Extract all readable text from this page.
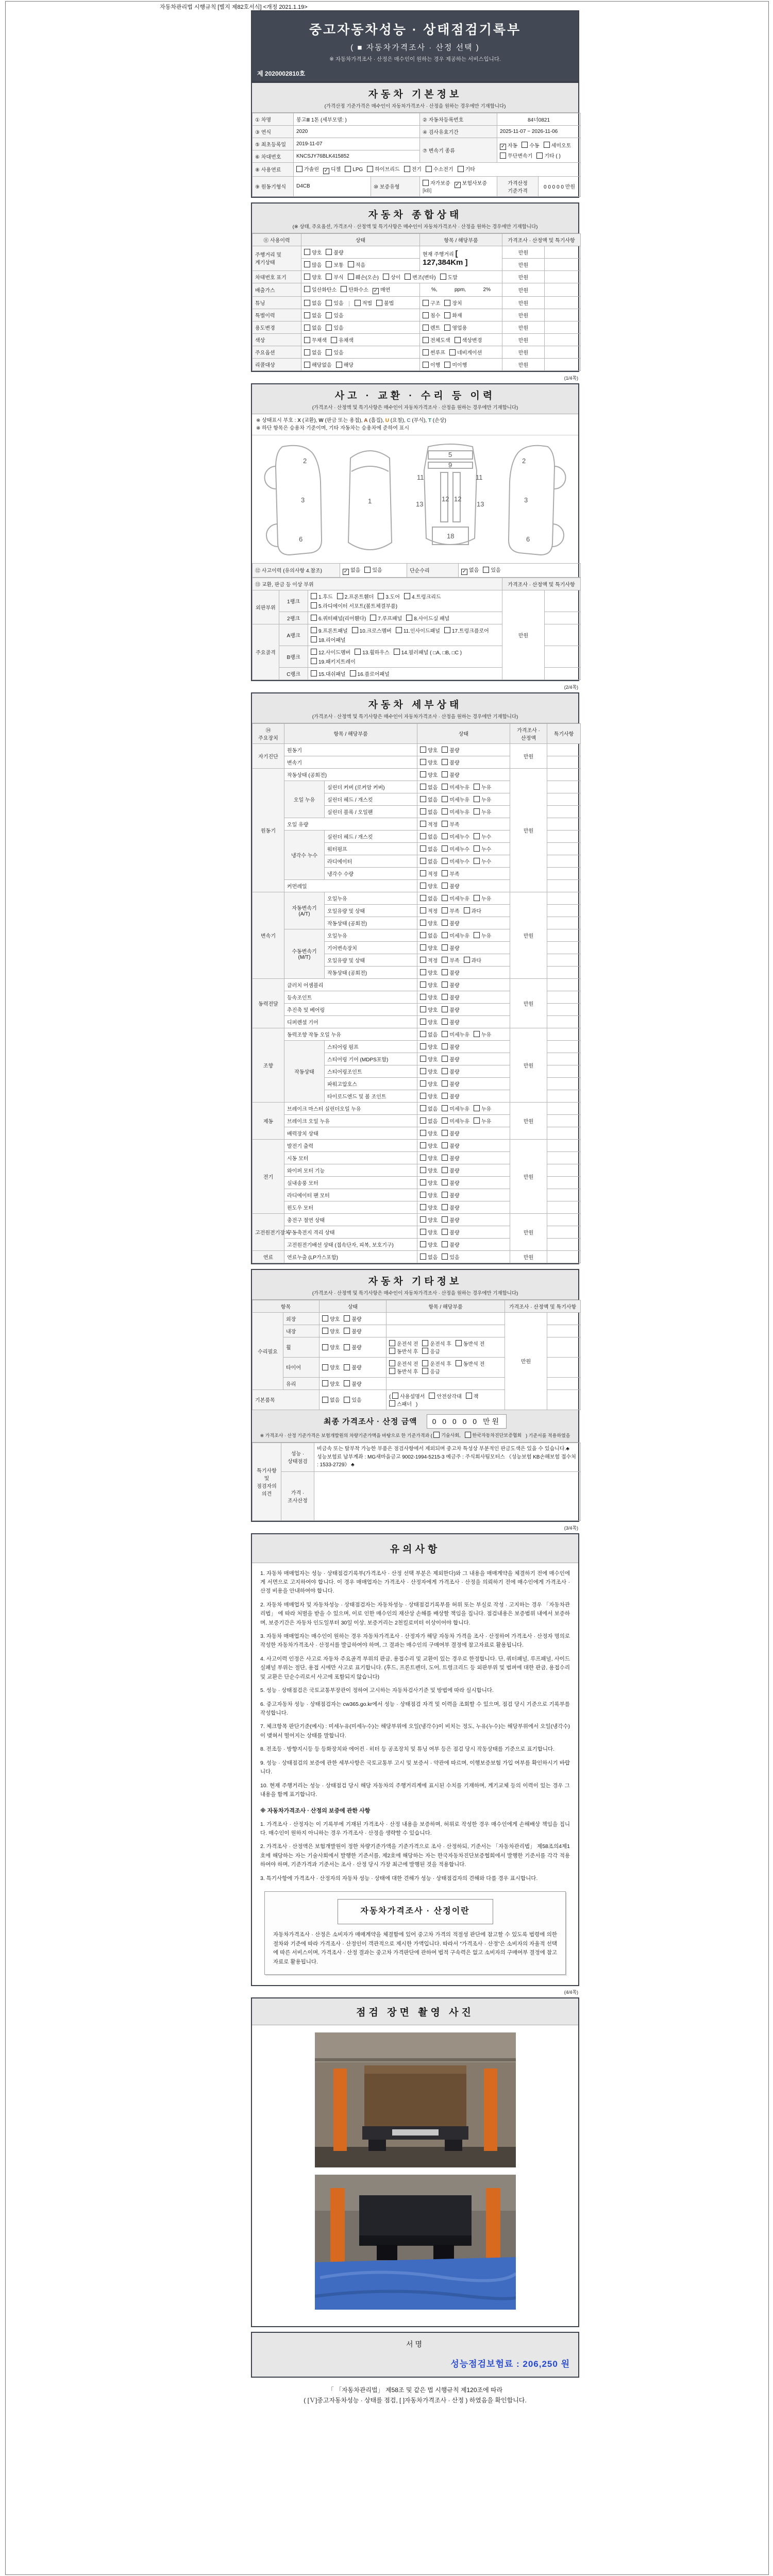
자동차관리법 시행규칙 [별지 제82호서식] <개정 2021.1.19>
중고자동차성능 · 상태점검기록부
( ■ 자동차가격조사 · 산정 선택 )
※ 자동차가격조사 · 산정은 매수인이 원하는 경우 제공하는 서비스입니다.
제 2020002810호
자동차 기본정보
(가격산정 기준가격은 매수인이 자동차가격조사 · 산정을 원하는 경우에만 기재합니다)
① 차명	봉고Ⅲ 1톤 (세부모델: )		② 자동차등록번호	84너0821	
③ 연식	2020		④ 검사유효기간	2025-11-07 ~ 2026-11-06	
⑤ 최초등록일	2019-11-07		⑦ 변속기 종류	✓ 자동 수동 세미오토
무단변속기 기타 ( )	

⑥ 차대번호	KNCSJY76BLK415852				
⑧ 사용연료	가솔린 ✓ 디젤 LPG 하이브리드 전기 수소전기 기타				
⑨ 원동기형식	D4CB	⑩ 보증유형	자가보증 ✓ 보험사보증[kB]	가격산정 기준가격	0 0 0 0 0 만원
자동차 종합상태
(※ 상태, 주요옵션, 가격조사 · 산정액 및 특기사항은 매수인이 자동차가격조사 · 산정을 원하는 경우에만 기재합니다)
⑪ 사용이력	상태	항목 / 해당부품	가격조사 · 산정액 및 특기사항	
주행거리 및 계기상태	양호 불량	현재 주행거리 [ 127,384Km ]	만원	
	많음 보통 적음		만원	
차대번호 표기	양호 부식 훼손(오손) 상이 변조(변타) 도말		만원	
배출가스	일산화탄소 탄화수소 ✓ 매연	%,            ppm,            2%	만원	
튜닝	없음 있음 적법 불법	구조 장치	만원	
특별이력	없음 있음	침수 화재	만원	
용도변경	없음 있음	렌트 영업용	만원	
색상	무채색 유채색	전체도색 색상변경	만원	
주요옵션	없음 있음	썬루프 네비게이션	만원	
리콜대상	해당없음 해당	이행 미이행	만원	
(1/4쪽)
사고 · 교환 · 수리 등 이력
(가격조사 · 산정액 및 특기사항은 매수인이 자동차가격조사 · 산정을 원하는 경우에만 기재합니다)
※ 상태표시 부호 : X (교환), W (판금 또는 용접), A (흠집), U (요철), C (부식), T (손상)
※ 하단 항목은 승용차 기준이며, 기타 자동차는 승용차에 준하여 표시
2
3
6
1
5
9
11	11
12 12
13	13
18
2
3
6
⑫ 사고이력 (유의사항 4.참조)	✓ 없음 있음	단순수리	✓ 없음 있음
⑬ 교환, 판금 등 이상 부위			가격조사 · 산정액 및 특기사항	
외판부위	1랭크	1.후드 2.프론트휀더 3.도어 4.트렁크리드
5.라디에이터 서포트(볼트체결부품)	만원	
	2랭크	6.쿼터패널(리어휀다) 7.루프패널 8.사이드실 패널		
주요골격	A랭크	9.프론트패널 10.크로스멤버 11.인사이드패널 17.트렁크플로어
18.리어패널		

	B랭크	12.사이드멤버 13.휠하우스 14.필러패널 ( □A, □B, □C )
19.패키지트레이		

	C랭크	15.대쉬패널 16.플로어패널		
(2/4쪽)
자동차 세부상태
(가격조사 · 산정액 및 특기사항은 매수인이 자동차가격조사 · 산정을 원하는 경우에만 기재합니다)
⑭ 주요장치	항목 / 해당부품		상태	가격조사 · 산정액	특기사항
자기진단	원동기		양호 불량	만원	
	변속기		양호 불량		
원동기	작동상태 (공회전)		양호 불량	만원	
	오일 누유	실린더 커버 (로커암 커버)	없음 미세누유 누유		
		실린더 헤드 / 개스킷	없음 미세누유 누유		
		실린더 블록 / 오일팬	없음 미세누유 누유		
	오일 유량		적정 부족		
	냉각수 누수	실린더 헤드 / 개스킷	없음 미세누수 누수		
		워터펌프	없음 미세누수 누수		
		라디에이터	없음 미세누수 누수		
		냉각수 수량	적정 부족		
	커먼레일		양호 불량		
변속기	자동변속기 (A/T)	오일누유	없음 미세누유 누유	만원	
		오일유량 및 상태	적정 부족 과다		
		작동상태 (공회전)	양호 불량		
	수동변속기 (M/T)	오일누유	없음 미세누유 누유		
		기어변속장치	양호 불량		
		오일유량 및 상태	적정 부족 과다		
		작동상태 (공회전)	양호 불량		
동력전달	클러치 어셈블리		양호 불량	만원	
	등속조인트		양호 불량		
	추진축 및 베어링		양호 불량		
	디퍼렌셜 기어		양호 불량		
조향	동력조향 작동 오일 누유		없음 미세누유 누유	만원	
	작동상태	스티어링 펌프	양호 불량		
		스티어링 기어 (MDPS포함)	양호 불량		
		스티어링조인트	양호 불량		
		파워고압호스	양호 불량		
		타이로드엔드 및 볼 조인트	양호 불량		
제동	브레이크 마스터 실린더오일 누유		없음 미세누유 누유	만원	
	브레이크 오일 누유		없음 미세누유 누유		
	배력장치 상태		양호 불량		
전기	발전기 출력		양호 불량	만원	
	시동 모터		양호 불량		
	와이퍼 모터 기능		양호 불량		
	실내송풍 모터		양호 불량		
	라디에이터 팬 모터		양호 불량		
	윈도우 모터		양호 불량		
고전원전기장치	충전구 절연 상태		양호 불량	만원	
	구동축전지 격리 상태		양호 불량		
	고전원전기배선 상태 (접속단자, 피복, 보호기구)		양호 불량		
연료	연료누출 (LP가스포함)		없음 있음	만원	
자동차 기타정보
(가격조사 · 산정액 및 특기사항은 매수인이 자동차가격조사 · 산정을 원하는 경우에만 기재합니다)
항목		상태	항목 / 해당부품	가격조사 · 산정액 및 특기사항	
수리필요	외장	양호 불량		만원	
	내장	양호 불량			
	휠	양호 불량	운전석 전 운전석 후 동반석 전동반석 후 응급		
	타이어	양호 불량	운전석 전 운전석 후 동반석 전동반석 후 응급		
	유리	양호 불량			
기본품목		없음 있음	( 사용설명서 안전삼각대 잭스패너 )		
최종 가격조사 · 산정 금액	0 0 0 0 0 만원
※ 가격조사 · 산정 기준가격은 보험개발원의 차량기준가액을 바탕으로 한 기준가격과 ( 기술사회,	한국자동차진단보증협회 ) 기준서를 적용하였음
특기사항 및 점검자의 의견	성능 · 상태점검	비금속 또는 탈부착 가능한 부품은 점검사항에서 제외되며 중고차 특성상 부분적인 판금도색은 있을 수 있습니다.♣ 성능보험료 납부계좌 : MG새마을금고 9002-1994-5215-3 예금주 : 주식회사팀모터스 《성능보험 KB손해보험 접수처 : 1533-2729》 ♣
	가격 · 조사산정	
(3/4쪽)
유의사항
1. 자동차 매매업자는 성능 · 상태점검기록부(가격조사 · 산정 선택 부분은 제외한다)와 그 내용을 매매계약을 체결하기 전에 매수인에게 서면으로 고지하여야 합니다. 이 경우 매매업자는 가격조사 · 산정자에게 가격조사 · 산정을 의뢰하기 전에 매수인에게 가격조사 · 산정 비용을 안내하여야 합니다.
2. 자동차 매매업자 및 자동차성능 · 상태점검자는 자동차성능 · 상태점검기록부를 허위 또는 부실로 작성 · 고지하는 경우 「자동차관리법」 에 따라 처벌을 받을 수 있으며, 이로 인한 매수인의 재산상 손해를 배상할 책임을 집니다. 점검내용은 보증범위 내에서 보증하며, 보증기간은 자동차 인도일부터 30일 이상, 보증거리는 2천킬로미터 이상이어야 합니다.
3. 자동차 매매업자는 매수인이 원하는 경우 자동차가격조사 · 산정자가 해당 자동차 가격을 조사 · 산정하여 가격조사 · 산정자 명의로 작성한 자동차가격조사 · 산정서를 발급하여야 하며, 그 결과는 매수인의 구매여부 결정에 참고자료로 활용됩니다.
4. 사고이력 인정은 사고로 자동차 주요골격 부위의 판금, 용접수리 및 교환이 있는 경우로 한정합니다. 단, 쿼터패널, 루프패널, 사이드실패널 부위는 절단, 용접 시에만 사고로 표기합니다. (후드, 프론트펜더, 도어, 트렁크리드 등 외판부위 및 범퍼에 대한 판금, 용접수리 및 교환은 단순수리로서 사고에 포함되지 않습니다)
5. 성능 · 상태점검은 국토교통부장관이 정하여 고시하는 자동차검사기준 및 방법에 따라 실시합니다.
6. 중고자동차 성능 · 상태점검자는 cw365.go.kr에서 성능 · 상태점검 자격 및 이력을 조회할 수 있으며, 점검 당시 기준으로 기록부를 작성합니다.
7. 체크항목 판단기준(예시) : 미세누유(미세누수)는 해당부위에 오일(냉각수)이 비치는 정도, 누유(누수)는 해당부위에서 오일(냉각수)이 맺혀서 떨어지는 상태를 말합니다.
8. 전조등 · 방향지시등 등 등화장치와 에어컨 · 히터 등 공조장치 및 튜닝 여부 등은 점검 당시 작동상태를 기준으로 표기합니다.
9. 성능 · 상태점검의 보증에 관한 세부사항은 국토교통부 고시 및 보증서 · 약관에 따르며, 이행보증보험 가입 여부를 확인하시기 바랍니다.
10. 현재 주행거리는 성능 · 상태점검 당시 해당 자동차의 주행거리계에 표시된 수치를 기재하며, 계기교체 등의 이력이 있는 경우 그 내용을 함께 표기합니다.
※ 자동차가격조사 · 산정의 보증에 관한 사항
1. 가격조사 · 산정자는 이 기록부에 기재된 가격조사 · 산정 내용을 보증하며, 허위로 작성한 경우 매수인에게 손해배상 책임을 집니다. 매수인이 원하지 아니하는 경우 가격조사 · 산정을 생략할 수 있습니다.
2. 가격조사 · 산정액은 보험개발원이 정한 차량기준가액을 기준가격으로 조사 · 산정하되, 기준서는 「자동차관리법」 제58조의4제1호에 해당하는 자는 기술사회에서 발행한 기준서를, 제2호에 해당하는 자는 한국자동차진단보증협회에서 발행한 기준서를 각각 적용하여야 하며, 기준가격과 기준서는 조사 · 산정 당시 가장 최근에 발행된 것을 적용합니다.
3. 특기사항에 가격조사 · 산정자의 자동차 성능 · 상태에 대한 견해가 성능 · 상태점검자의 견해와 다를 경우 표시합니다.
자동차가격조사 · 산정이란
자동차가격조사 · 산정은 소비자가 매매계약을 체결함에 있어 중고차 가격의 적절성 판단에 참고할 수 있도록 법령에 의한 절차와 기준에 따라 가격조사 · 산정인이 객관적으로 제시한 가액입니다. 따라서 “가격조사 · 산정”은 소비자의 자율적 선택에 따른 서비스이며, 가격조사 · 산정 결과는 중고차 가격판단에 관하여 법적 구속력은 없고 소비자의 구매여부 결정에 참고자료로 활용됩니다.
(4/4쪽)
점검 장면 촬영 사진
서명
성능점검보험료 : 206,250 원
「 「자동차관리법」 제58조 및 같은 법 시행규칙 제120조에 따라
( [Ｖ]중고자동차성능 · 상태를 점검, [ ]자동차가격조사 · 산정 ) 하였음을 확인합니다.
